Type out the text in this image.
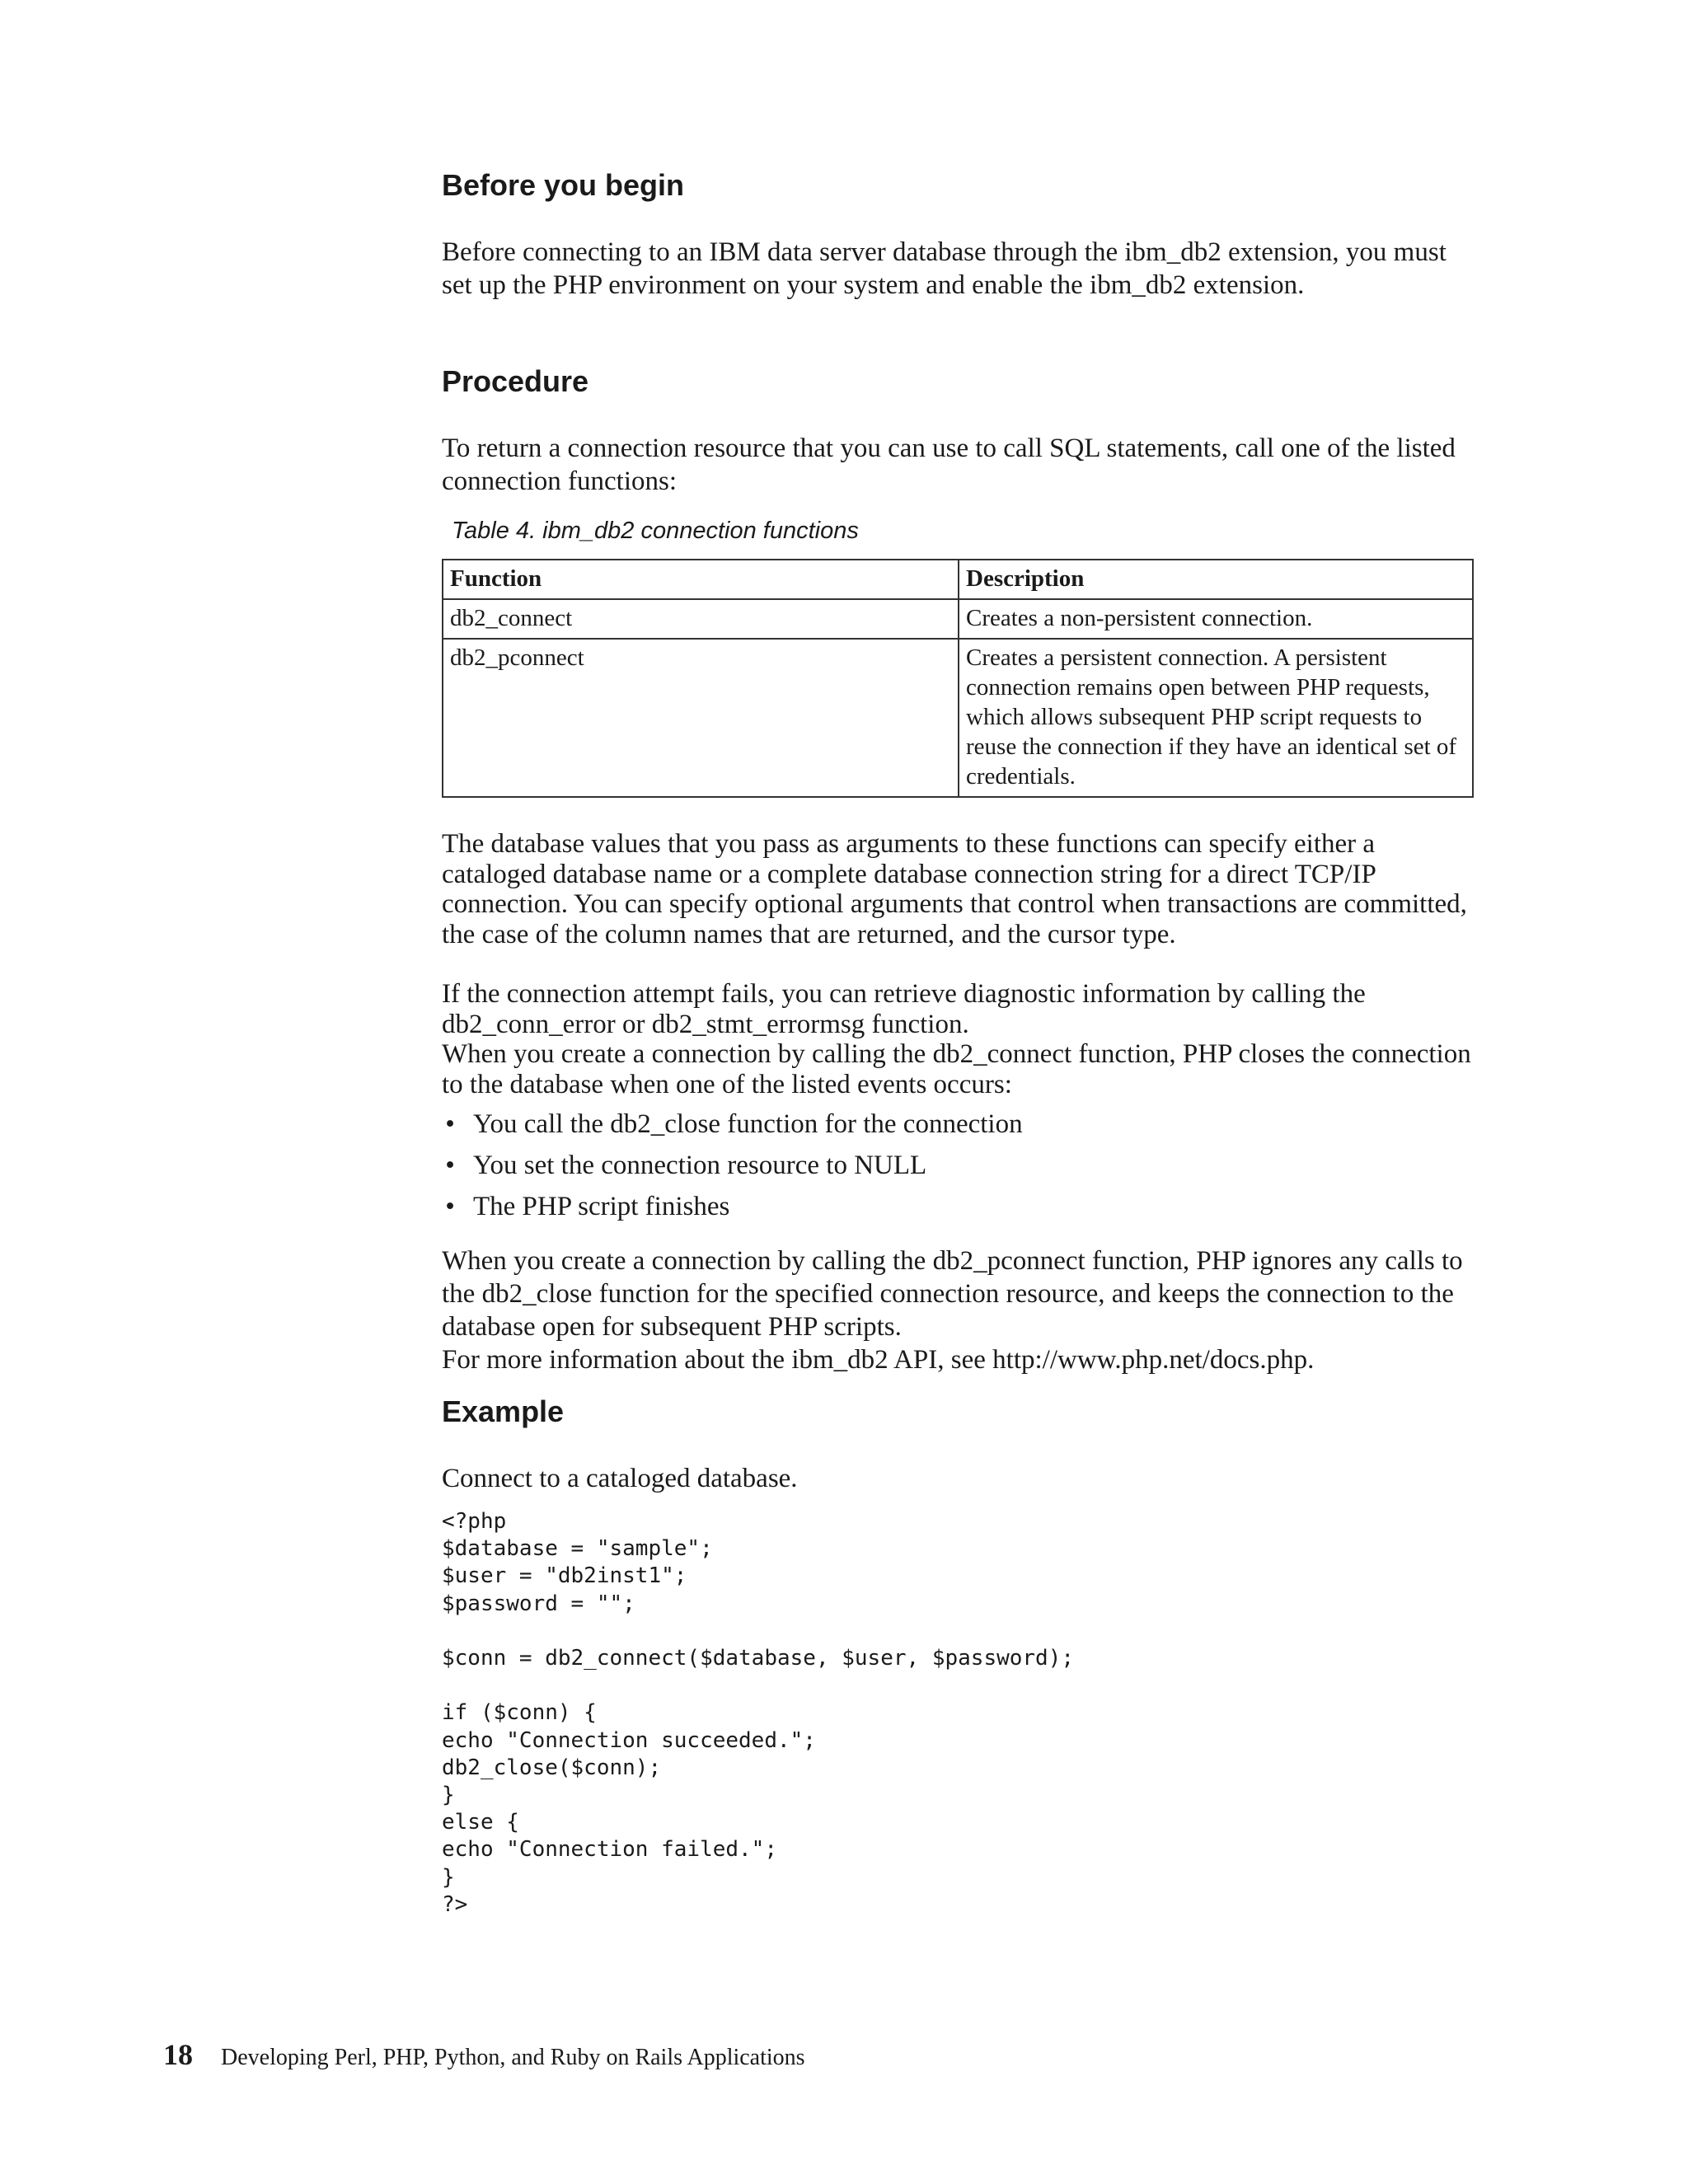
Before you begin

Before connecting to an IBM data server database through the ibm_db2 extension, you must set up the PHP environment on your system and enable the ibm_db2 extension.

Procedure

To return a connection resource that you can use to call SQL statements, call one of the listed connection functions:

Table 4. ibm_db2 connection functions
Function	Description
db2_connect	Creates a non-persistent connection.
db2_pconnect	Creates a persistent connection. A persistent connection remains open between PHP requests, which allows subsequent PHP script requests to reuse the connection if they have an identical set of credentials.

The database values that you pass as arguments to these functions can specify either a cataloged database name or a complete database connection string for a direct TCP/IP connection. You can specify optional arguments that control when transactions are committed, the case of the column names that are returned, and the cursor type.

If the connection attempt fails, you can retrieve diagnostic information by calling the db2_conn_error or db2_stmt_errormsg function.

When you create a connection by calling the db2_connect function, PHP closes the connection to the database when one of the listed events occurs:

• You call the db2_close function for the connection
• You set the connection resource to NULL
• The PHP script finishes

When you create a connection by calling the db2_pconnect function, PHP ignores any calls to the db2_close function for the specified connection resource, and keeps the connection to the database open for subsequent PHP scripts.

For more information about the ibm_db2 API, see http://www.php.net/docs.php.

Example

Connect to a cataloged database.

<?php
$database = "sample";
$user = "db2inst1";
$password = "";

$conn = db2_connect($database, $user, $password);

if ($conn) {
echo "Connection succeeded.";
db2_close($conn);
}
else {
echo "Connection failed.";
}
?>
18 Developing Perl, PHP, Python, and Ruby on Rails Applications
